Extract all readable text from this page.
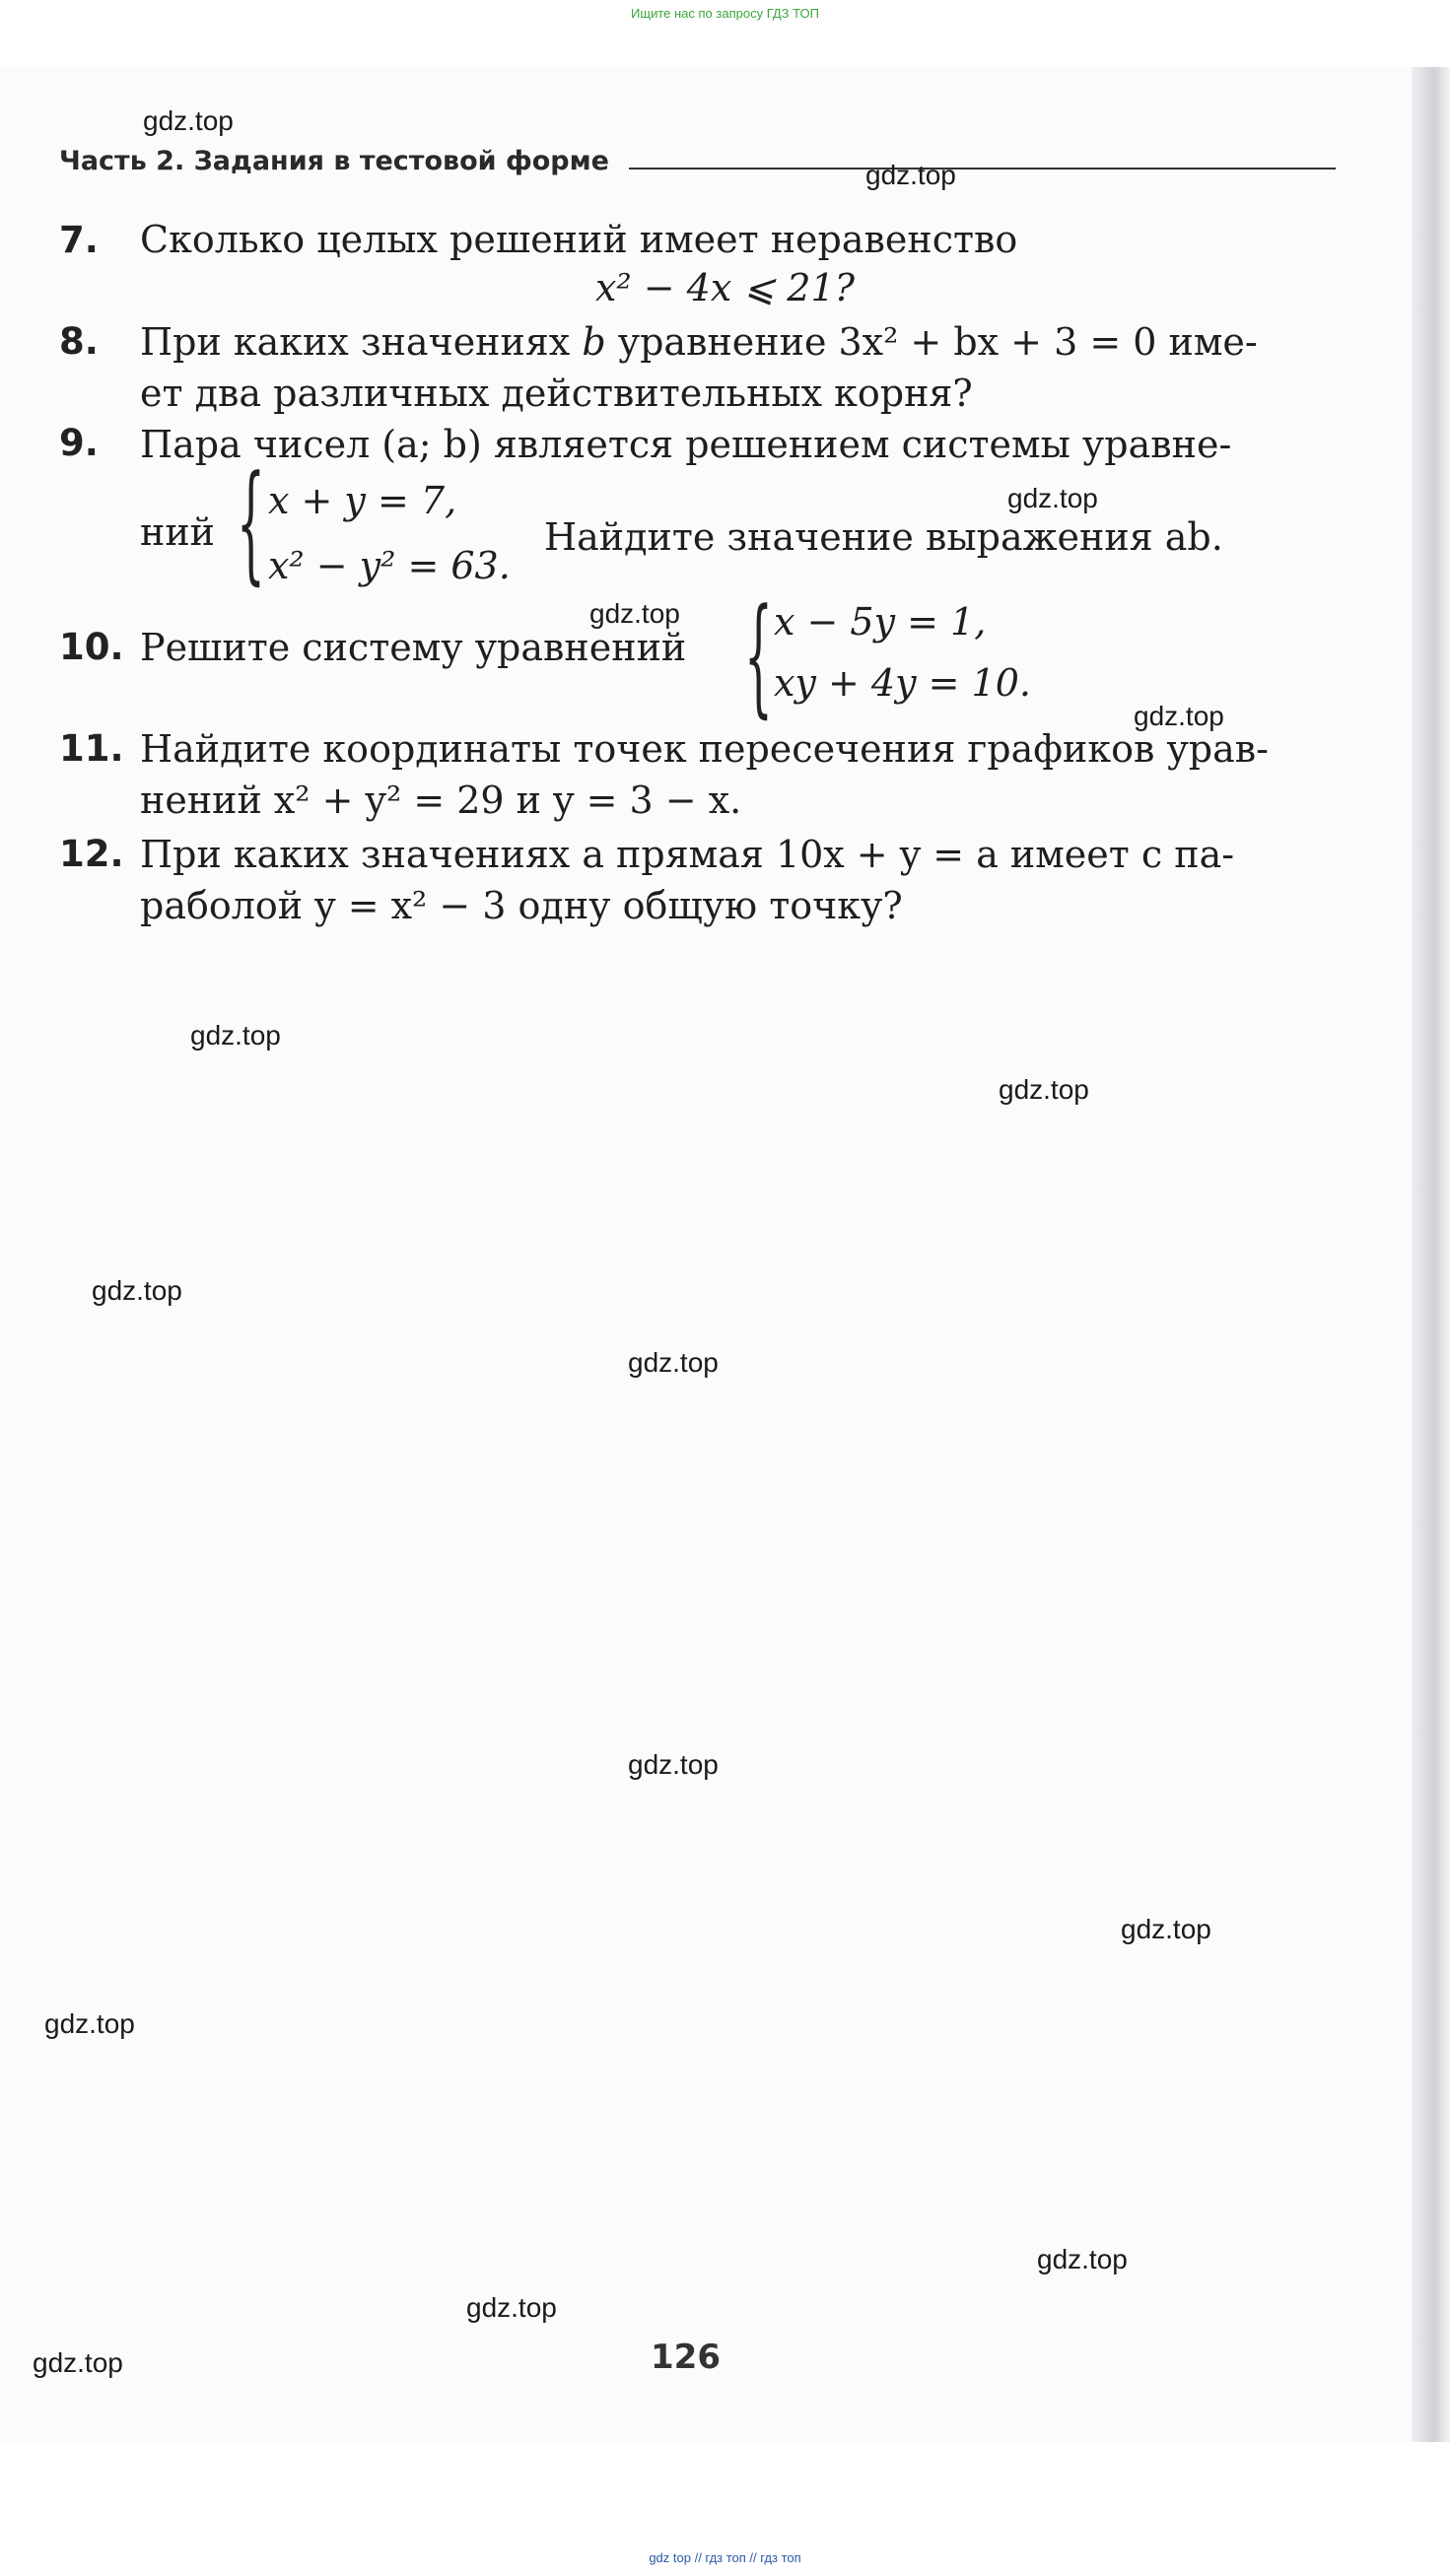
Ищите нас по запросу ГДЗ ТОП
Часть 2. Задания в тестовой форме
gdz.top
gdz.top
gdz.top
gdz.top
gdz.top
gdz.top
gdz.top
gdz.top
gdz.top
gdz.top
gdz.top
gdz.top
gdz.top
gdz.top
gdz.top
7. Сколько целых решений имеет неравенство
x² − 4x ⩽ 21?
8. При каких значениях b уравнение 3x² + bx + 3 = 0 име-
ет два различных действительных корня?
9. Пара чисел (a; b) является решением системы уравне-
ний { x + y = 7,
x² − y² = 63.
Найдите значение выражения ab.
10. Решите систему уравнений { x − 5y = 1,
xy + 4y = 10.
11. Найдите координаты точек пересечения графиков урав-
нений x² + y² = 29 и y = 3 − x.
12. При каких значениях a прямая 10x + y = a имеет с па-
раболой y = x² − 3 одну общую точку?
126
gdz top // гдз топ // гдз топ
